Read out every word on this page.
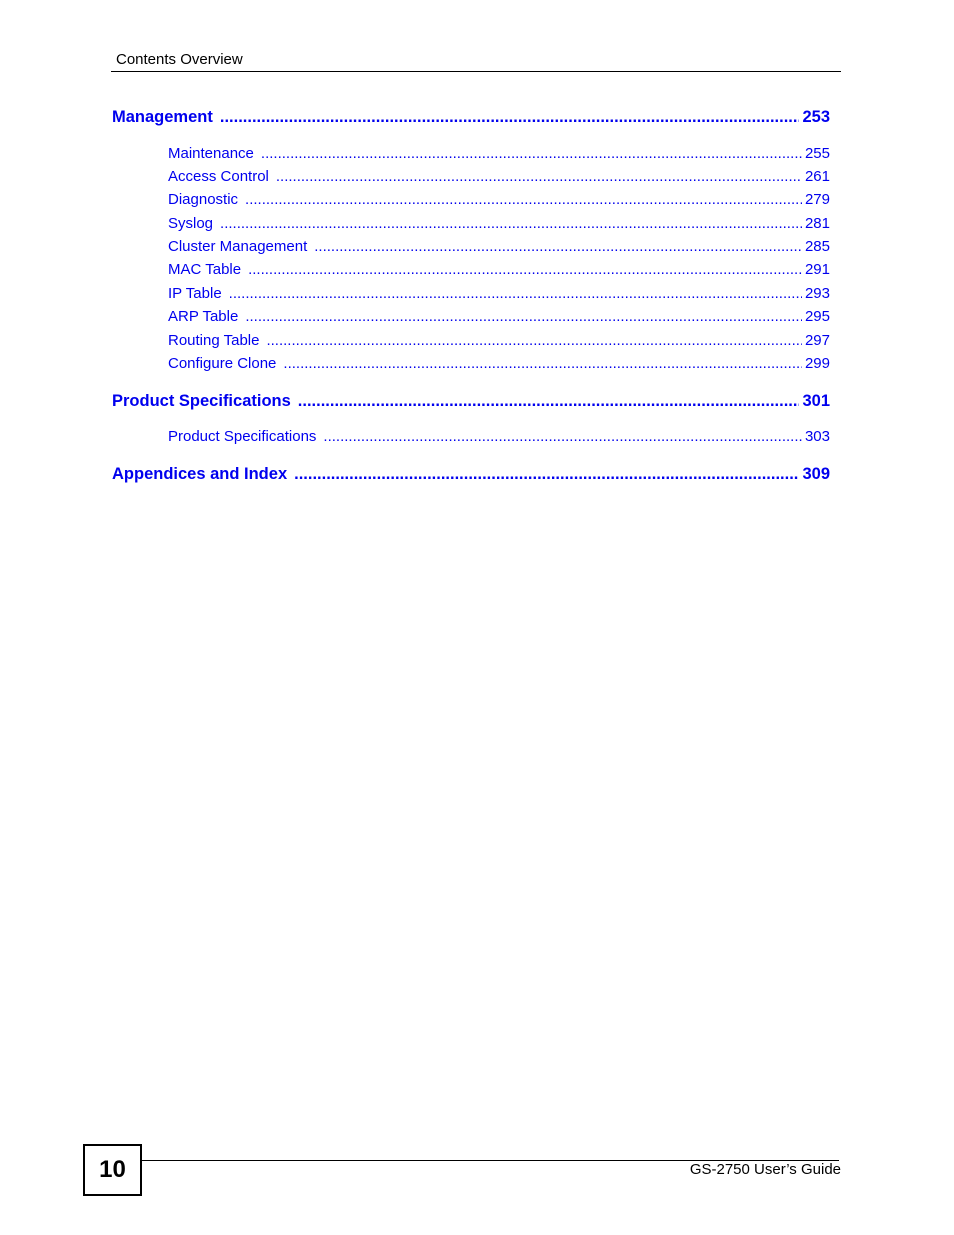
Contents Overview
Management .....	253
Maintenance .....	255
Access Control .....	261
Diagnostic .....	279
Syslog .....	281
Cluster Management .....	285
MAC Table .....	291
IP Table .....	293
ARP Table .....	295
Routing Table .....	297
Configure Clone .....	299
Product Specifications .....	301
Product Specifications .....	303
Appendices and Index .....	309
10	GS-2750 User’s Guide
